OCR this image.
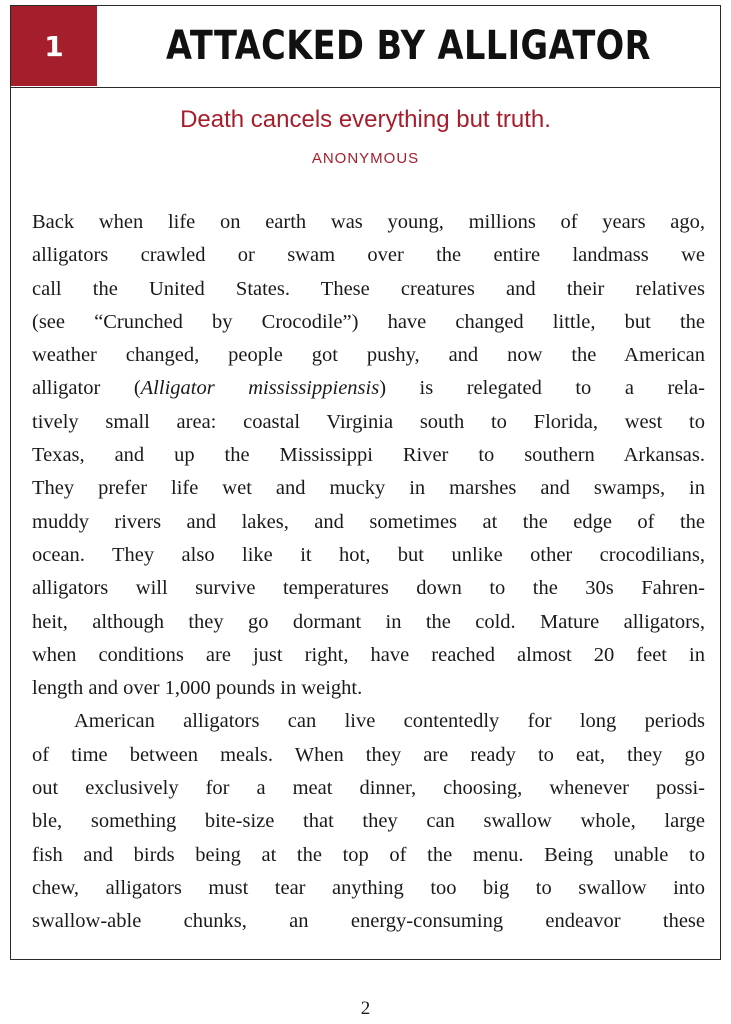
1	ATTACKED BY ALLIGATOR
Death cancels everything but truth.
ANONYMOUS
Back when life on earth was young, millions of years ago,
alligators crawled or swam over the entire landmass we
call the United States. These creatures and their relatives
(see “Crunched by Crocodile”) have changed little, but the
weather changed, people got pushy, and now the American
alligator (Alligator mississippiensis) is relegated to a rela-
tively small area: coastal Virginia south to Florida, west to
Texas, and up the Mississippi River to southern Arkansas.
They prefer life wet and mucky in marshes and swamps, in
muddy rivers and lakes, and sometimes at the edge of the
ocean. They also like it hot, but unlike other crocodilians,
alligators will survive temperatures down to the 30s Fahren-
heit, although they go dormant in the cold. Mature alligators,
when conditions are just right, have reached almost 20 feet in
length and over 1,000 pounds in weight.
American alligators can live contentedly for long periods
of time between meals. When they are ready to eat, they go
out exclusively for a meat dinner, choosing, whenever possi-
ble, something bite-size that they can swallow whole, large
fish and birds being at the top of the menu. Being unable to
chew, alligators must tear anything too big to swallow into
swallow-able chunks, an energy-consuming endeavor these
2
